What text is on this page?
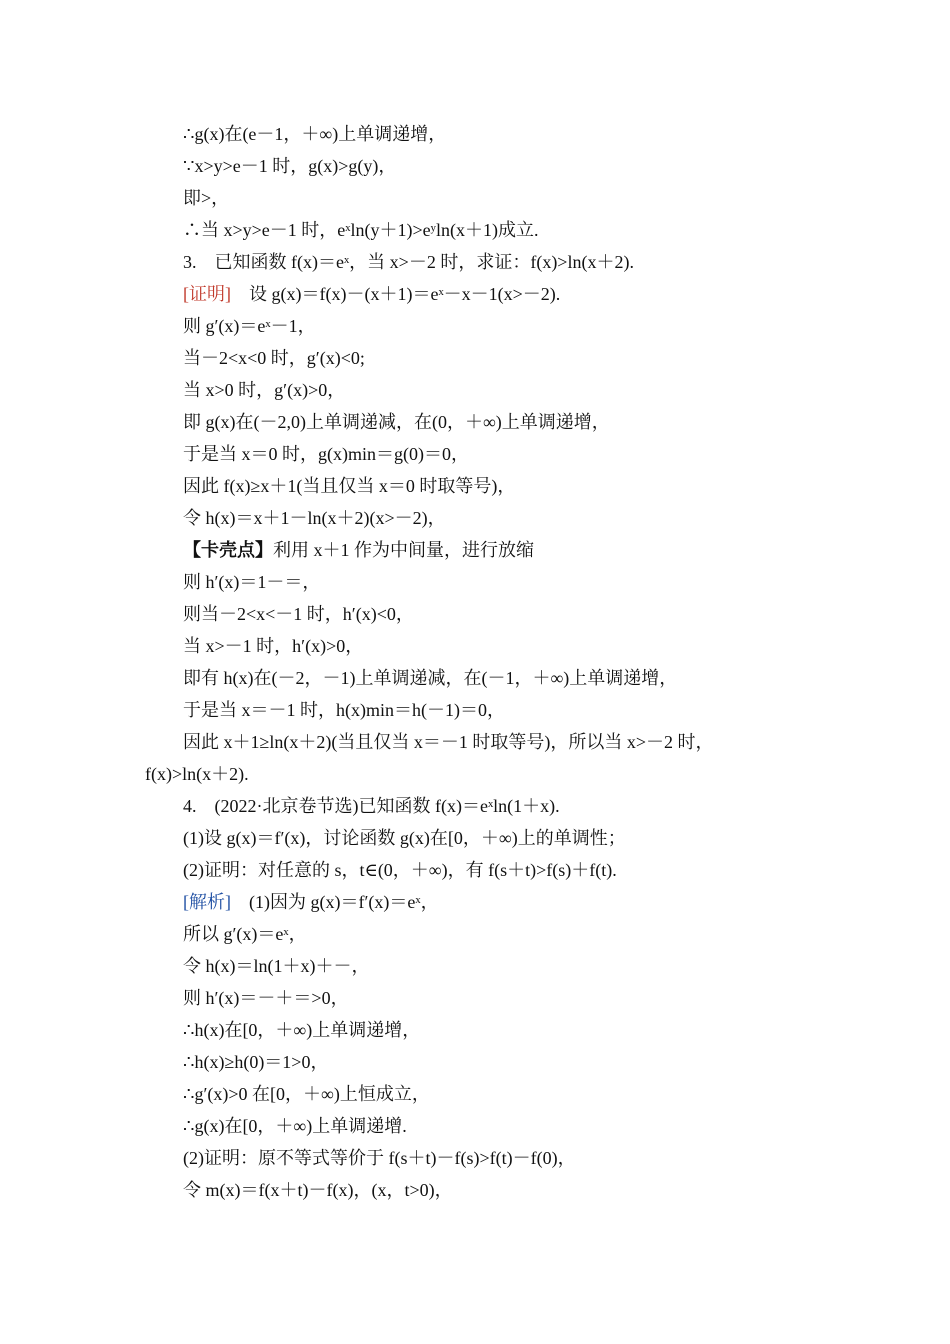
∴g(x)在(e－1，＋∞)上单调递增，
∵x>y>e－1 时，g(x)>g(y)，
即>，
∴当 x>y>e－1 时，eˣln(y＋1)>eʸln(x＋1)成立.
3.　已知函数 f(x)＝eˣ，当 x>－2 时，求证：f(x)>ln(x＋2).
[证明]　设 g(x)＝f(x)－(x＋1)＝eˣ－x－1(x>－2).
则 g′(x)＝eˣ－1，
当－2<x<0 时，g′(x)<0;
当 x>0 时，g′(x)>0，
即 g(x)在(－2,0)上单调递减，在(0，＋∞)上单调递增，
于是当 x＝0 时，g(x)min＝g(0)＝0，
因此 f(x)≥x＋1(当且仅当 x＝0 时取等号)，
令 h(x)＝x＋1－ln(x＋2)(x>－2)，
【卡壳点】利用 x＋1 作为中间量，进行放缩
则 h′(x)＝1－＝，
则当－2<x<－1 时，h′(x)<0，
当 x>－1 时，h′(x)>0，
即有 h(x)在(－2，－1)上单调递减，在(－1，＋∞)上单调递增，
于是当 x＝－1 时，h(x)min＝h(－1)＝0，
因此 x＋1≥ln(x＋2)(当且仅当 x＝－1 时取等号)，所以当 x>－2 时，
f(x)>ln(x＋2).
4.　(2022·北京卷节选)已知函数 f(x)＝eˣln(1＋x).
(1)设 g(x)＝f′(x)，讨论函数 g(x)在[0，＋∞)上的单调性；
(2)证明：对任意的 s，t∈(0，＋∞)，有 f(s＋t)>f(s)＋f(t).
[解析]　(1)因为 g(x)＝f′(x)＝eˣ，
所以 g′(x)＝eˣ，
令 h(x)＝ln(1＋x)＋－，
则 h′(x)＝－＋＝>0，
∴h(x)在[0，＋∞)上单调递增，
∴h(x)≥h(0)＝1>0，
∴g′(x)>0 在[0，＋∞)上恒成立，
∴g(x)在[0，＋∞)上单调递增.
(2)证明：原不等式等价于 f(s＋t)－f(s)>f(t)－f(0)，
令 m(x)＝f(x＋t)－f(x)，(x，t>0)，
